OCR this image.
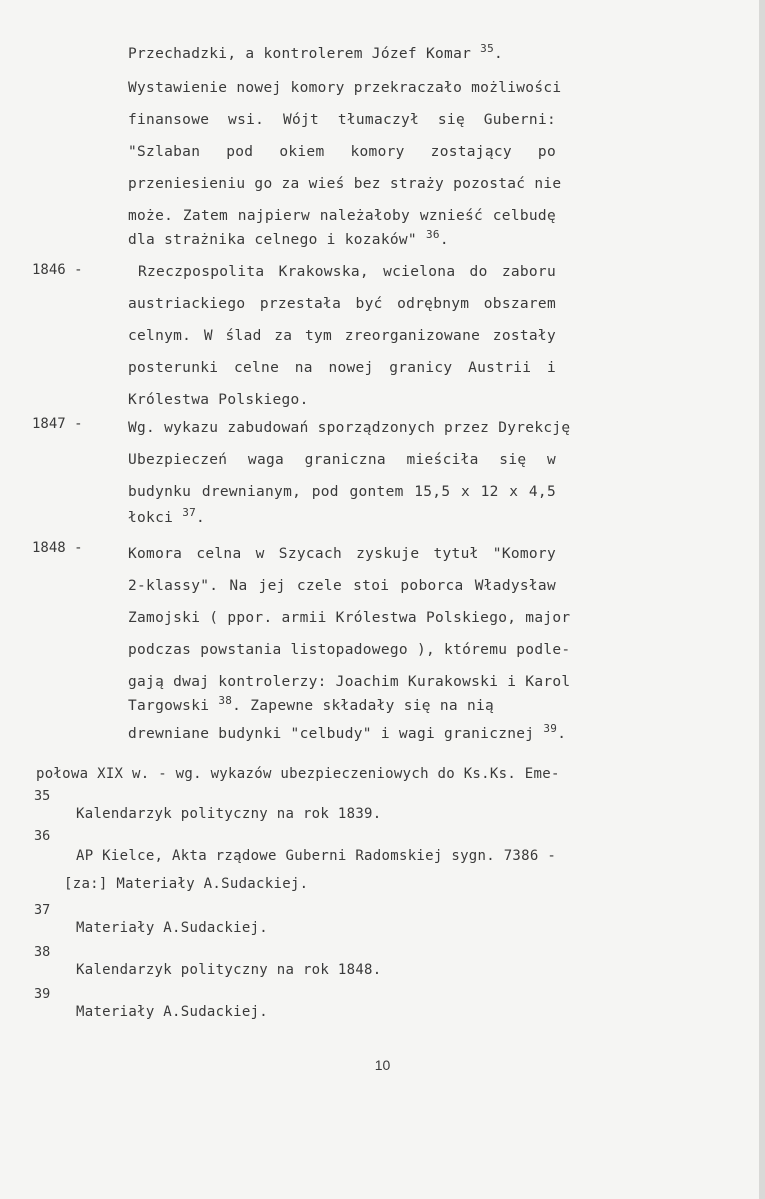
Przechadzki, a kontrolerem Józef Komar $^{35}$.
Wystawienie nowej komory przekraczało możliwości
finansowe wsi. Wójt tłumaczył się Guberni:
"Szlaban pod okiem komory zostający po
przeniesieniu go za wieś bez straży pozostać nie
może. Zatem najpierw należałoby wznieść celbudę
dla strażnika celnego i kozaków" $^{36}$.
1846 -	Rzeczpospolita Krakowska, wcielona do zaboru
austriackiego przestała być odrębnym obszarem
celnym. W ślad za tym zreorganizowane zostały
posterunki celne na nowej granicy Austrii i
Królestwa Polskiego.
1847 -	Wg. wykazu zabudowań sporządzonych przez Dyrekcję
Ubezpieczeń waga graniczna mieściła się w
budynku drewnianym, pod gontem 15,5 x 12 x 4,5
łokci $^{37}$.
1848 -	Komora celna w Szycach zyskuje tytuł "Komory
2-klassy". Na jej czele stoi poborca Władysław
Zamojski ( ppor. armii Królestwa Polskiego, major
podczas powstania listopadowego ), któremu podle-
gają dwaj kontrolerzy: Joachim Kurakowski i Karol
Targowski $^{38}$. Zapewne składały się na nią
drewniane budynki "celbudy" i wagi granicznej $^{39}$.
połowa XIX w. - wg. wykazów ubezpieczeniowych do Ks.Ks. Eme-
35
Kalendarzyk polityczny na rok 1839.
36
AP Kielce, Akta rządowe Guberni Radomskiej sygn. 7386 -
[za:] Materiały A.Sudackiej.
37
Materiały A.Sudackiej.
38
Kalendarzyk polityczny na rok 1848.
39
Materiały A.Sudackiej.
10
